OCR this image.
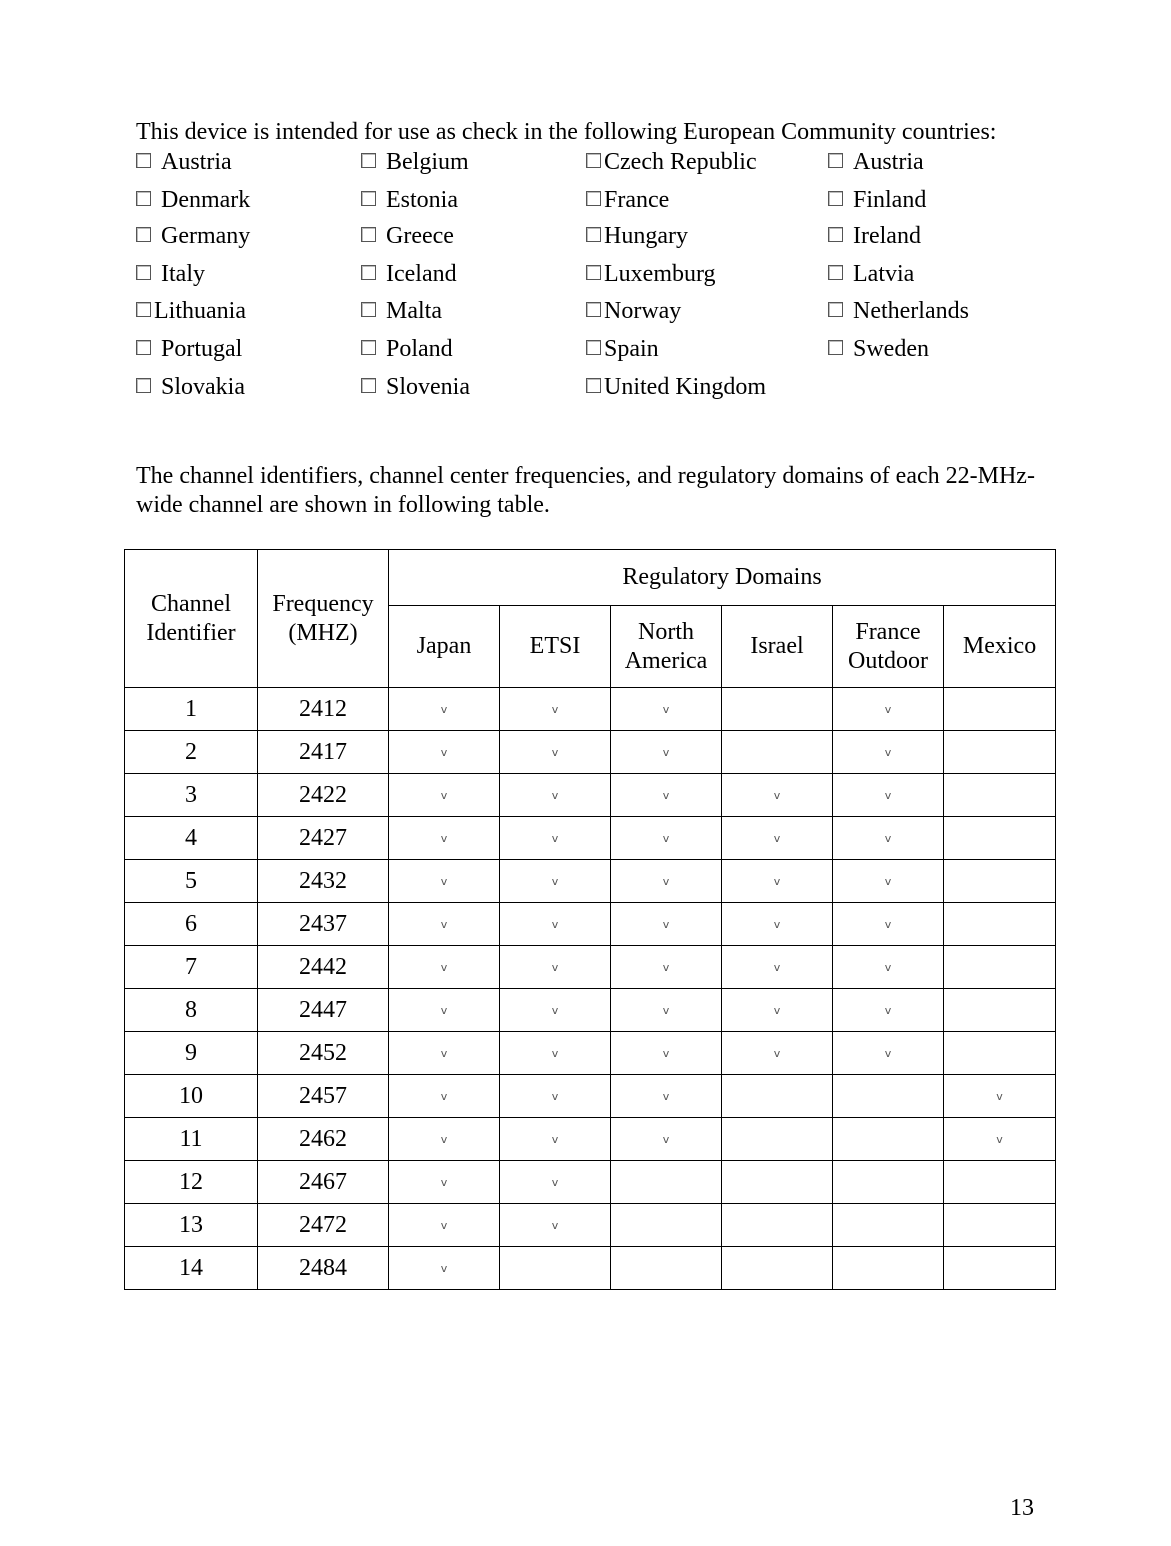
This device is intended for use as check in the following European Community countries:
Austria	Belgium	Czech Republic	Austria
Denmark	Estonia	France	Finland
Germany	Greece	Hungary	Ireland
Italy	Iceland	Luxemburg	Latvia
Lithuania	Malta	Norway	Netherlands
Portugal	Poland	Spain	Sweden
Slovakia	Slovenia	United Kingdom
The channel identifiers, channel center frequencies, and regulatory domains of each 22-MHz-wide channel are shown in following table.
Channel Identifier	Frequency (MHZ)	Regulatory Domains					
		Japan	ETSI	North America	Israel	France Outdoor	Mexico
1	2412	v	v	v		v	
2	2417	v	v	v		v	
3	2422	v	v	v	v	v	
4	2427	v	v	v	v	v	
5	2432	v	v	v	v	v	
6	2437	v	v	v	v	v	
7	2442	v	v	v	v	v	
8	2447	v	v	v	v	v	
9	2452	v	v	v	v	v	
10	2457	v	v	v			v
11	2462	v	v	v			v
12	2467	v	v				
13	2472	v	v				
14	2484	v					
13
